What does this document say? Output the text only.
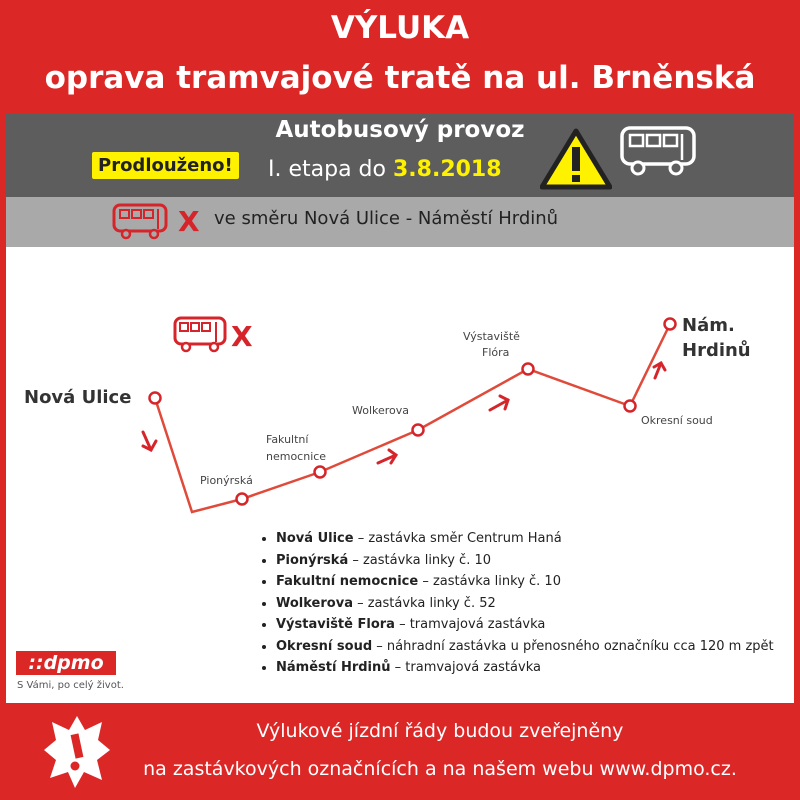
VÝLUKA
oprava tramvajové tratě na ul. Brněnská
Autobusový provoz
Prodlouženo! I. etapa do 3.8.2018
X ve směru Nová Ulice - Náměstí Hrdinů
X
Nová Ulice
Nám.
Hrdinů
Pionýrská
Fakultní
nemocnice
Wolkerova
Výstaviště
Flóra
Okresní soud
• Nová Ulice – zastávka směr Centrum Haná
• Pionýrská – zastávka linky č. 10
• Fakultní nemocnice – zastávka linky č. 10
• Wolkerova – zastávka linky č. 52
• Výstaviště Flora – tramvajová zastávka
• Okresní soud – náhradní zastávka u přenosného označníku cca 120 m zpět
• Náměstí Hrdinů – tramvajová zastávka
::dpmo
S Vámi, po celý život.
Výlukové jízdní řády budou zveřejněny
na zastávkových označnících a na našem webu www.dpmo.cz.
